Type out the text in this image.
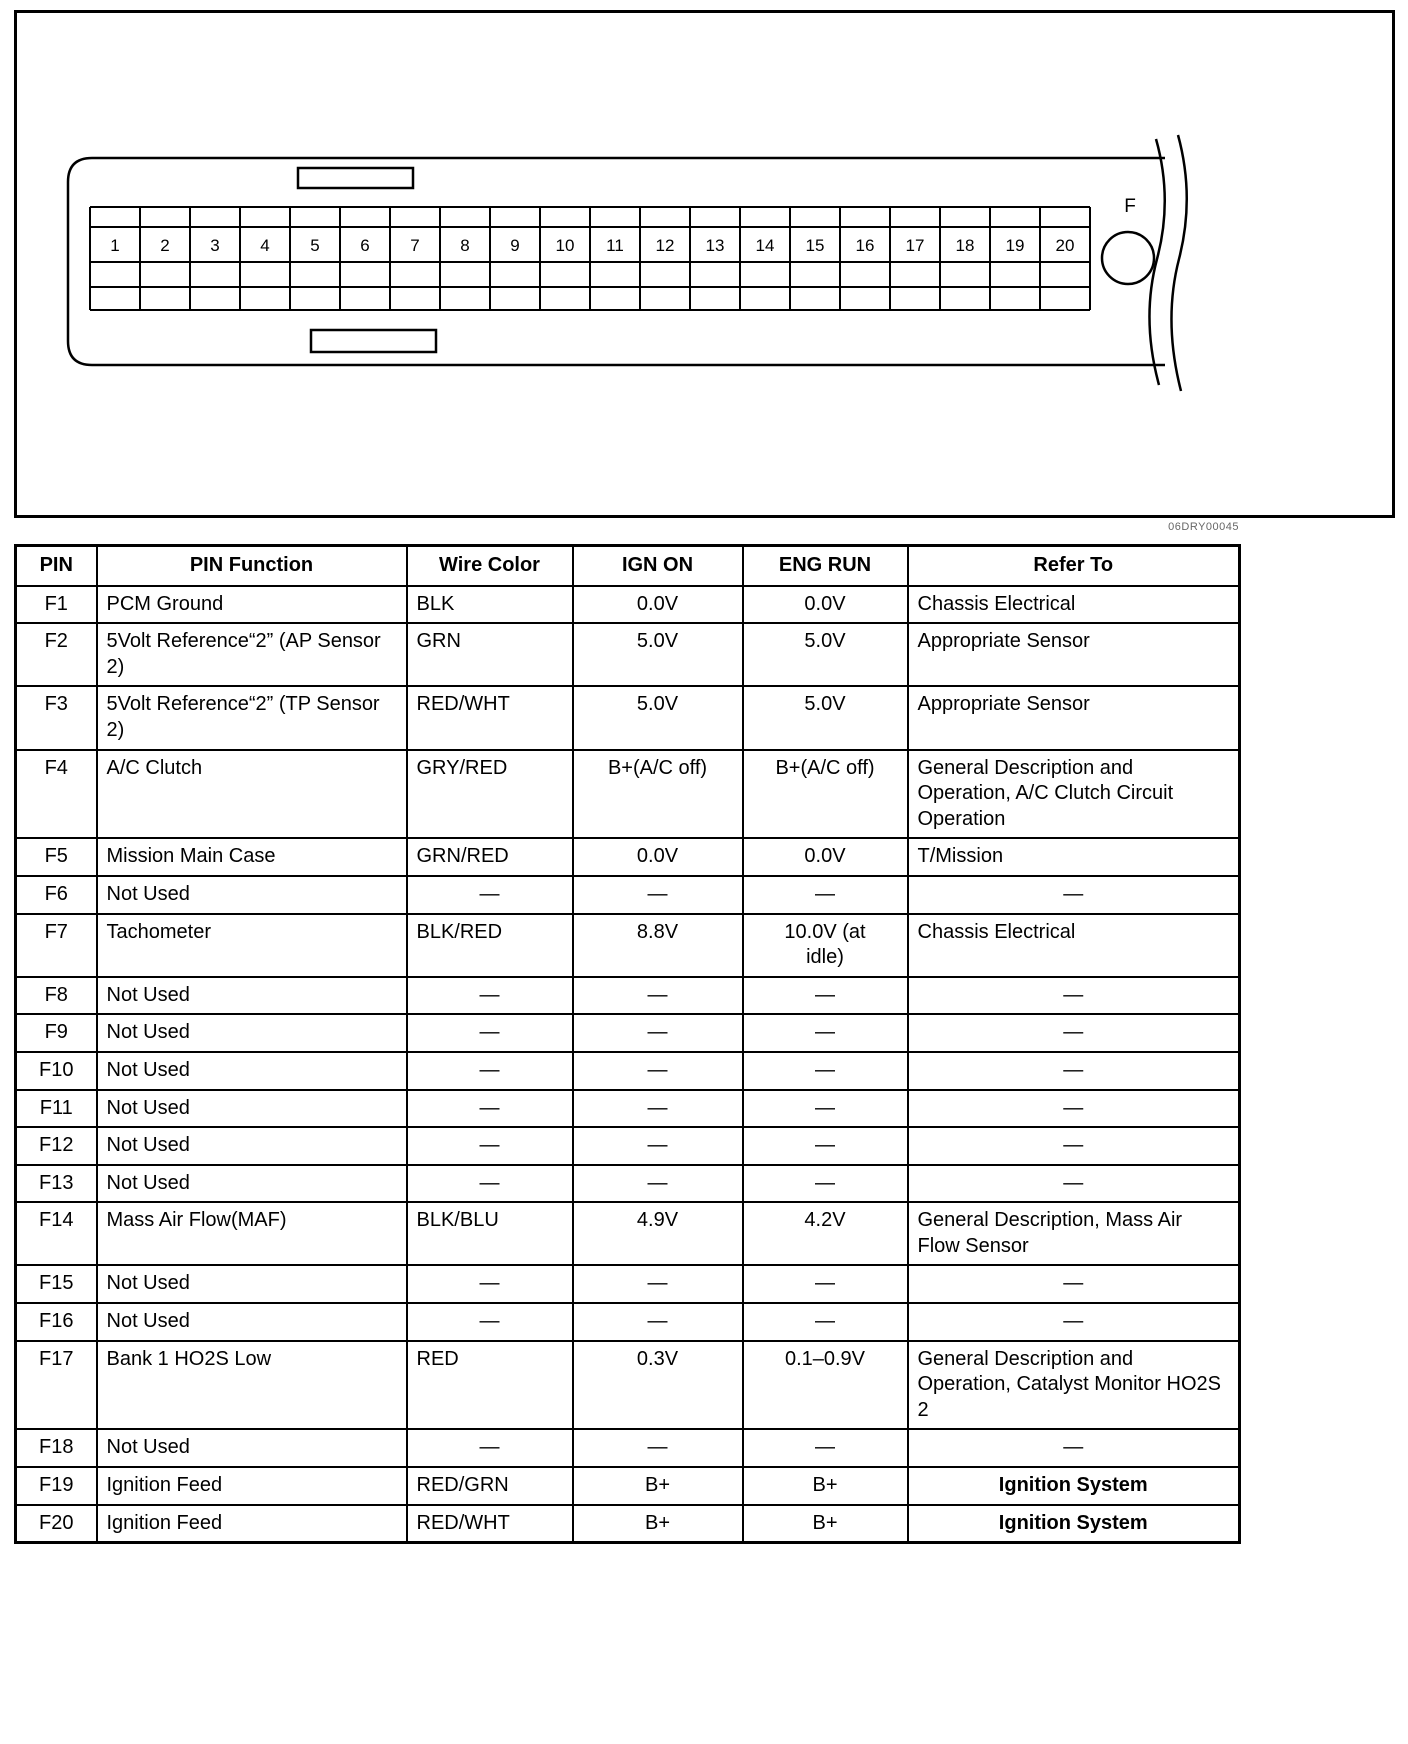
F
1 2 3 4 5 6 7 8 9 10 11 12 13 14 15 16 17 18 19 20
06DRY00045
PIN	PIN Function	Wire Color	IGN ON	ENG RUN	Refer To
F1	PCM Ground	BLK	0.0V	0.0V	Chassis Electrical
F2	5Volt Reference“2” (AP Sensor 2)	GRN	5.0V	5.0V	Appropriate Sensor
F3	5Volt Reference“2” (TP Sensor 2)	RED/WHT	5.0V	5.0V	Appropriate Sensor
F4	A/C Clutch	GRY/RED	B+(A/C off)	B+(A/C off)	General Description and Operation, A/C Clutch Circuit Operation
F5	Mission Main Case	GRN/RED	0.0V	0.0V	T/Mission
F6	Not Used	—	—	—	—
F7	Tachometer	BLK/RED	8.8V	10.0V (at idle)	Chassis Electrical
F8	Not Used	—	—	—	—
F9	Not Used	—	—	—	—
F10	Not Used	—	—	—	—
F11	Not Used	—	—	—	—
F12	Not Used	—	—	—	—
F13	Not Used	—	—	—	—
F14	Mass Air Flow(MAF)	BLK/BLU	4.9V	4.2V	General Description, Mass Air Flow Sensor
F15	Not Used	—	—	—	—
F16	Not Used	—	—	—	—
F17	Bank 1 HO2S Low	RED	0.3V	0.1–0.9V	General Description and Operation, Catalyst Monitor HO2S 2
F18	Not Used	—	—	—	—
F19	Ignition Feed	RED/GRN	B+	B+	Ignition System
F20	Ignition Feed	RED/WHT	B+	B+	Ignition System
